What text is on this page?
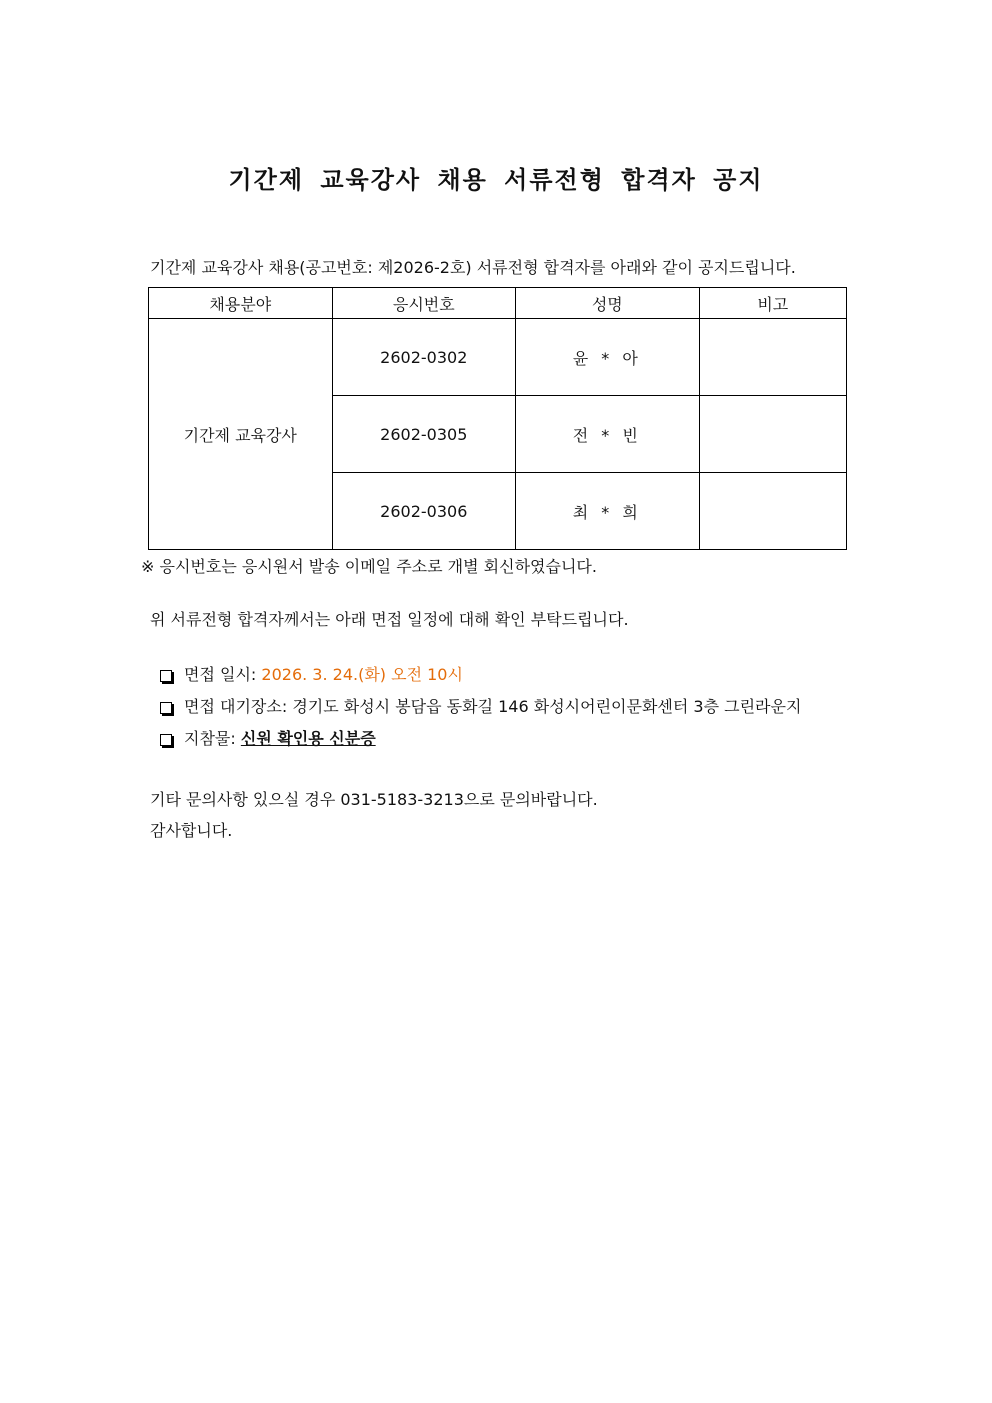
기간제 교육강사 채용 서류전형 합격자 공지
기간제 교육강사 채용(공고번호: 제2026-2호) 서류전형 합격자를 아래와 같이 공지드립니다.
채용분야	응시번호	성명	비고
기간제 교육강사	2602-0302	윤 * 아	
	2602-0305	전 * 빈	
	2602-0306	최 * 희	
※ 응시번호는 응시원서 발송 이메일 주소로 개별 회신하였습니다.
위 서류전형 합격자께서는 아래 면접 일정에 대해 확인 부탁드립니다.
면접 일시:
2026. 3. 24.(화) 오전 10시
면접 대기장소:
경기도 화성시 봉담읍 동화길 146 화성시어린이문화센터 3층 그린라운지
지참물:
신원 확인용 신분증
기타 문의사항 있으실 경우 031-5183-3213으로 문의바랍니다.
감사합니다.
